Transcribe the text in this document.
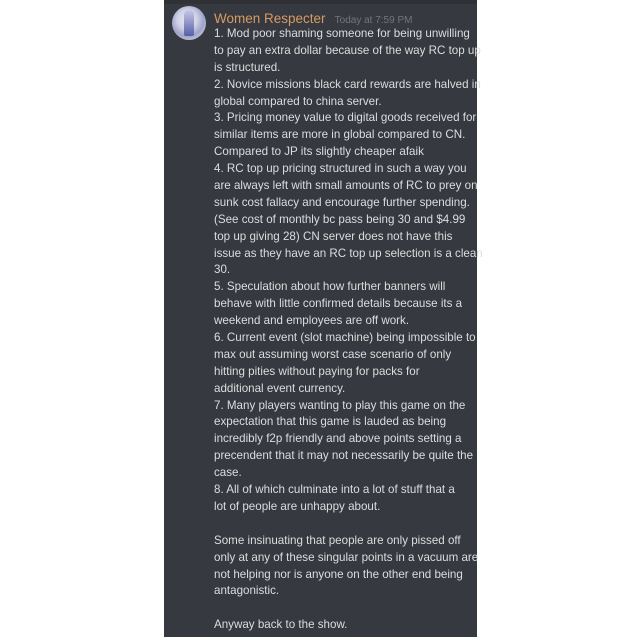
Women Respecter Today at 7:59 PM
1. Mod poor shaming someone for being unwilling
to pay an extra dollar because of the way RC top up
is structured.
2. Novice missions black card rewards are halved in
global compared to china server.
3. Pricing money value to digital goods received for
similar items are more in global compared to CN.
Compared to JP its slightly cheaper afaik
4. RC top up pricing structured in such a way you
are always left with small amounts of RC to prey on
sunk cost fallacy and encourage further spending.
(See cost of monthly bc pass being 30 and $4.99
top up giving 28) CN server does not have this
issue as they have an RC top up selection is a clean
30.
5. Speculation about how further banners will
behave with little confirmed details because its a
weekend and employees are off work.
6. Current event (slot machine) being impossible to
max out assuming worst case scenario of only
hitting pities without paying for packs for
additional event currency.
7. Many players wanting to play this game on the
expectation that this game is lauded as being
incredibly f2p friendly and above points setting a
precendent that it may not necessarily be quite the
case.
8. All of which culminate into a lot of stuff that a
lot of people are unhappy about.
Some insinuating that people are only pissed off
only at any of these singular points in a vacuum are
not helping nor is anyone on the other end being
antagonistic.
Anyway back to the show.
